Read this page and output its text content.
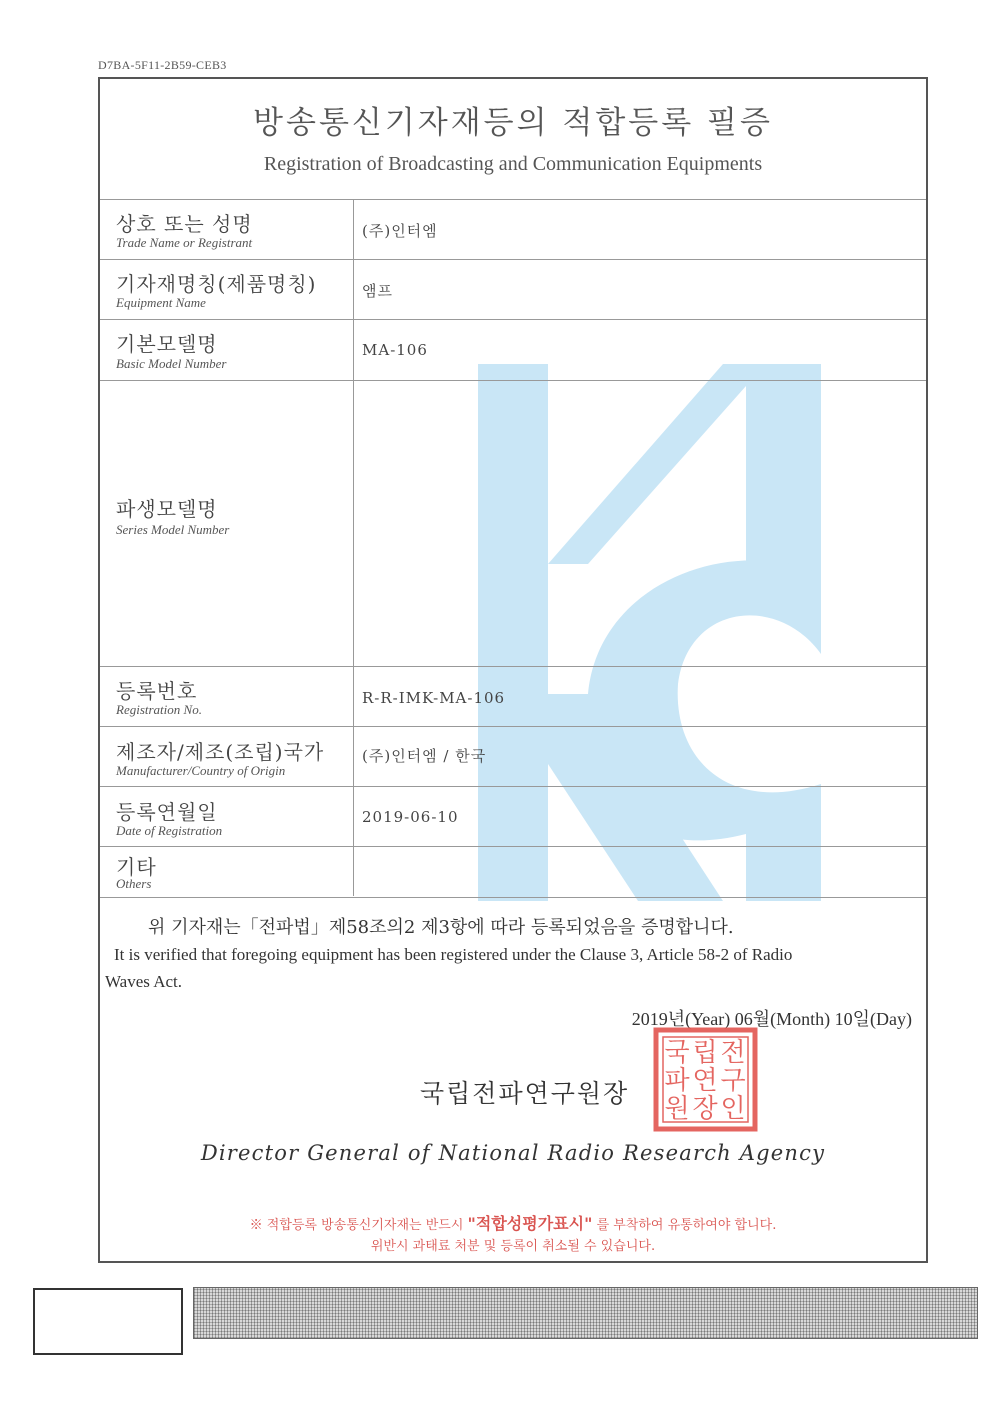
D7BA-5F11-2B59-CEB3
방송통신기자재등의 적합등록 필증
Registration of Broadcasting and Communication Equipments
상호 또는 성명
Trade Name or Registrant
(주)인터엠
기자재명칭(제품명칭)
Equipment Name
앰프
기본모델명
Basic Model Number
MA-106
파생모델명
Series Model Number
등록번호
Registration No.
R-R-IMK-MA-106
제조자/제조(조립)국가
Manufacturer/Country of Origin
(주)인터엠 / 한국
등록연월일
Date of Registration
2019-06-10
기타
Others
위 기자재는「전파법」제58조의2 제3항에 따라 등록되었음을 증명합니다.
It is verified that foregoing equipment has been registered under the Clause 3, Article 58-2 of Radio
Waves Act.
2019년(Year) 06월(Month) 10일(Day)
국립전파연구원장
전
구
인
립
연
장
국
파
원
Director General of National Radio Research Agency
※ 적합등록 방송통신기자재는 반드시 "적합성평가표시" 를 부착하여 유통하여야 합니다.
위반시 과태료 처분 및 등록이 취소될 수 있습니다.
